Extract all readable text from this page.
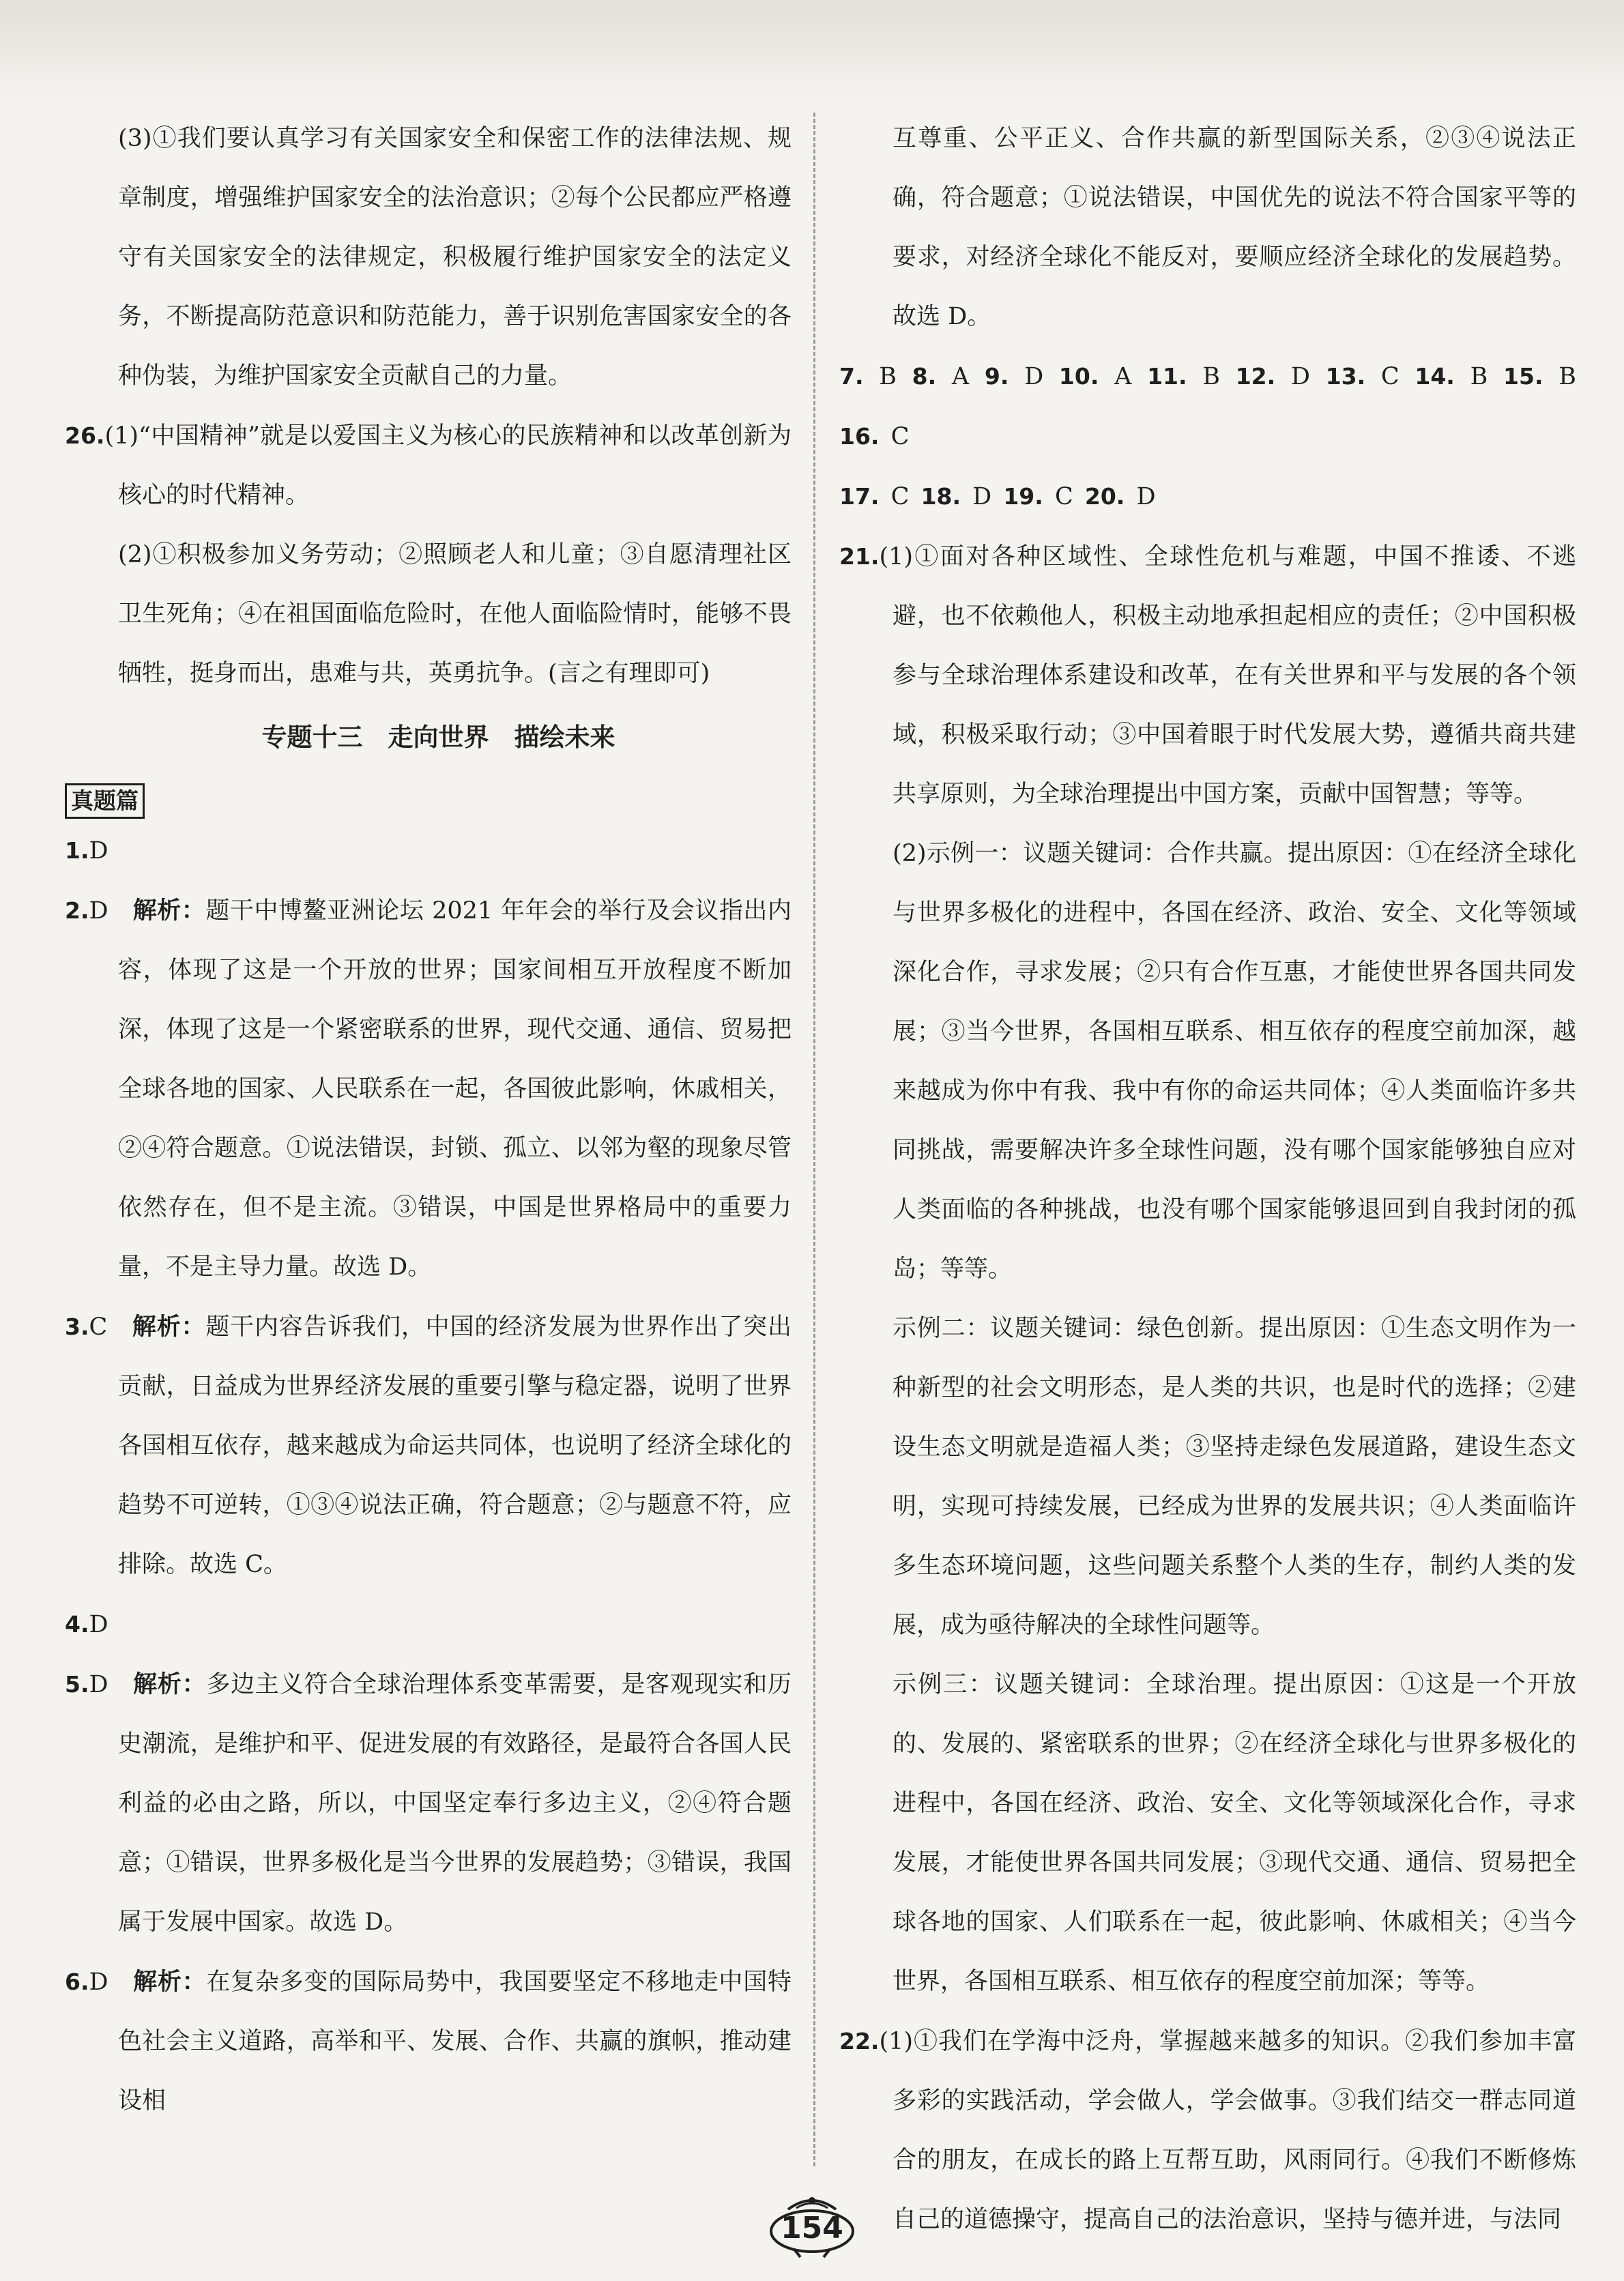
(3)①我们要认真学习有关国家安全和保密工作的法律法规、规章制度，增强维护国家安全的法治意识；②每个公民都应严格遵守有关国家安全的法律规定，积极履行维护国家安全的法定义务，不断提高防范意识和防范能力，善于识别危害国家安全的各种伪装，为维护国家安全贡献自己的力量。

26.(1)“中国精神”就是以爱国主义为核心的民族精神和以改革创新为核心的时代精神。

(2)①积极参加义务劳动；②照顾老人和儿童；③自愿清理社区卫生死角；④在祖国面临危险时，在他人面临险情时，能够不畏牺牲，挺身而出，患难与共，英勇抗争。(言之有理即可)

专题十三　走向世界　描绘未来

真题篇

1.D

2.D　 解析：题干中博鳌亚洲论坛 2021 年年会的举行及会议指出内容，体现了这是一个开放的世界；国家间相互开放程度不断加深，体现了这是一个紧密联系的世界，现代交通、通信、贸易把全球各地的国家、人民联系在一起，各国彼此影响，休戚相关，②④符合题意。①说法错误，封锁、孤立、以邻为壑的现象尽管依然存在，但不是主流。③错误，中国是世界格局中的重要力量，不是主导力量。故选 D。

3.C　 解析：题干内容告诉我们，中国的经济发展为世界作出了突出贡献，日益成为世界经济发展的重要引擎与稳定器，说明了世界各国相互依存，越来越成为命运共同体，也说明了经济全球化的趋势不可逆转，①③④说法正确，符合题意；②与题意不符，应排除。故选 C。

4.D

5.D　 解析：多边主义符合全球治理体系变革需要，是客观现实和历史潮流，是维护和平、促进发展的有效路径，是最符合各国人民利益的必由之路，所以，中国坚定奉行多边主义，②④符合题意；①错误，世界多极化是当今世界的发展趋势；③错误，我国属于发展中国家。故选 D。

6.D　 解析：在复杂多变的国际局势中，我国要坚定不移地走中国特色社会主义道路，高举和平、发展、合作、共赢的旗帜，推动建设相

互尊重、公平正义、合作共赢的新型国际关系，②③④说法正确，符合题意；①说法错误，中国优先的说法不符合国家平等的要求，对经济全球化不能反对，要顺应经济全球化的发展趋势。故选 D。

7. B 8. A 9. D 10. A 11. B 12. D 13. C 14. B 15. B 16. C

17. C 18. D 19. C 20. D

21.(1)①面对各种区域性、全球性危机与难题，中国不推诿、不逃避，也不依赖他人，积极主动地承担起相应的责任；②中国积极参与全球治理体系建设和改革，在有关世界和平与发展的各个领域，积极采取行动；③中国着眼于时代发展大势，遵循共商共建共享原则，为全球治理提出中国方案，贡献中国智慧；等等。

(2)示例一：议题关键词：合作共赢。提出原因：①在经济全球化与世界多极化的进程中，各国在经济、政治、安全、文化等领域深化合作，寻求发展；②只有合作互惠，才能使世界各国共同发展；③当今世界，各国相互联系、相互依存的程度空前加深，越来越成为你中有我、我中有你的命运共同体；④人类面临许多共同挑战，需要解决许多全球性问题，没有哪个国家能够独自应对人类面临的各种挑战，也没有哪个国家能够退回到自我封闭的孤岛；等等。

示例二：议题关键词：绿色创新。提出原因：①生态文明作为一种新型的社会文明形态，是人类的共识，也是时代的选择；②建设生态文明就是造福人类；③坚持走绿色发展道路，建设生态文明，实现可持续发展，已经成为世界的发展共识；④人类面临许多生态环境问题，这些问题关系整个人类的生存，制约人类的发展，成为亟待解决的全球性问题等。

示例三：议题关键词：全球治理。提出原因：①这是一个开放的、发展的、紧密联系的世界；②在经济全球化与世界多极化的进程中，各国在经济、政治、安全、文化等领域深化合作，寻求发展，才能使世界各国共同发展；③现代交通、通信、贸易把全球各地的国家、人们联系在一起，彼此影响、休戚相关；④当今世界，各国相互联系、相互依存的程度空前加深；等等。

22.(1)①我们在学海中泛舟，掌握越来越多的知识。②我们参加丰富多彩的实践活动，学会做人，学会做事。③我们结交一群志同道合的朋友，在成长的路上互帮互助，风雨同行。④我们不断修炼自己的道德操守，提高自己的法治意识，坚持与德并进，与法同

154
